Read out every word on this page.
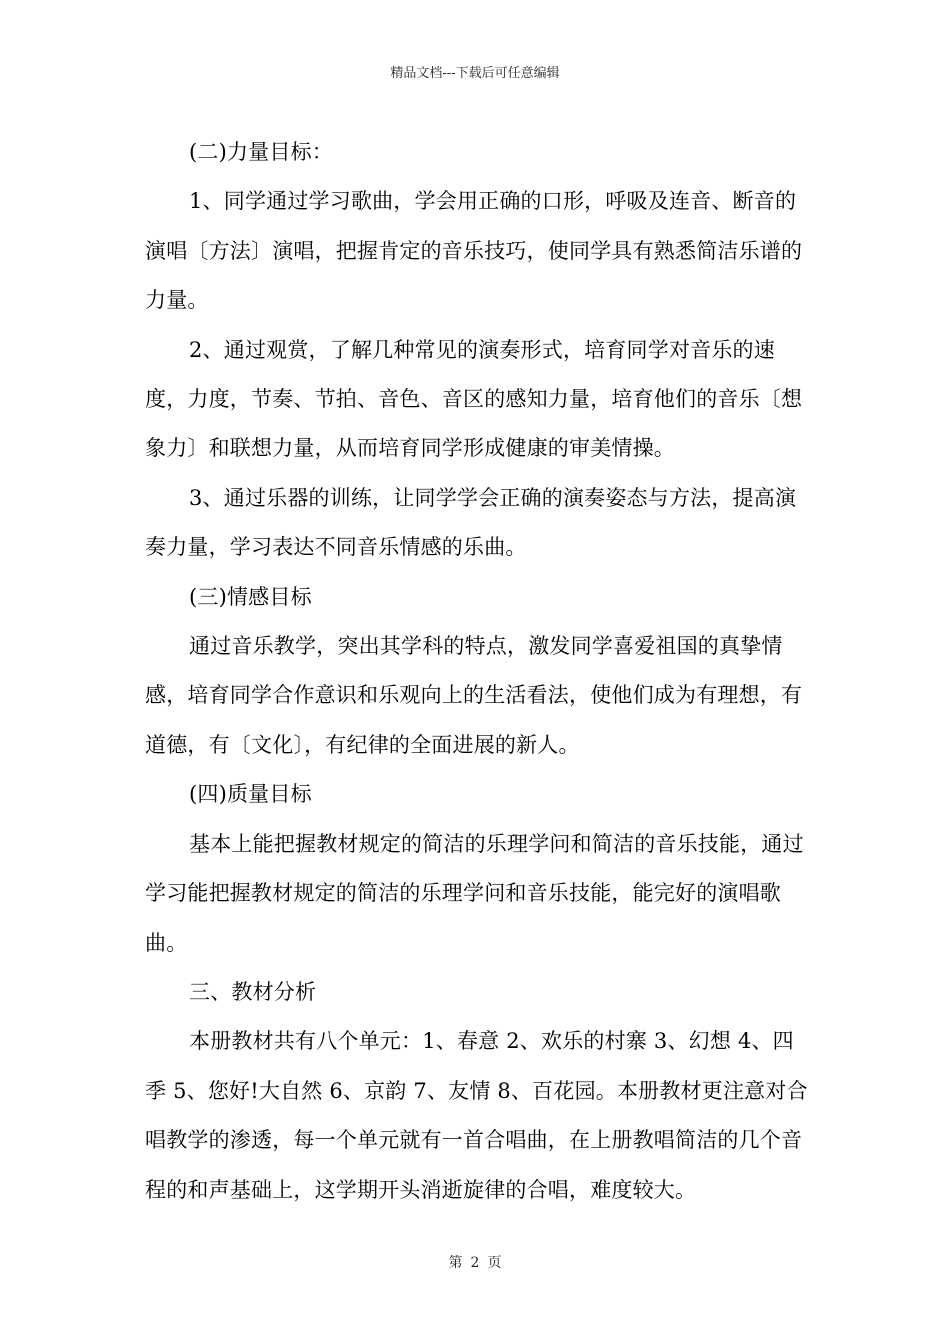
精品文档---下载后可任意编辑

(二)力量目标：

1、同学通过学习歌曲，学会用正确的口形，呼吸及连音、断音的演唱〔方法〕演唱，把握肯定的音乐技巧，使同学具有熟悉简洁乐谱的力量。

2、通过观赏，了解几种常见的演奏形式，培育同学对音乐的速度，力度，节奏、节拍、音色、音区的感知力量，培育他们的音乐〔想象力〕和联想力量，从而培育同学形成健康的审美情操。

3、通过乐器的训练，让同学学会正确的演奏姿态与方法，提高演奏力量，学习表达不同音乐情感的乐曲。

(三)情感目标

通过音乐教学，突出其学科的特点，激发同学喜爱祖国的真挚情感，培育同学合作意识和乐观向上的生活看法，使他们成为有理想，有道德，有〔文化〕，有纪律的全面进展的新人。

(四)质量目标

基本上能把握教材规定的简洁的乐理学问和简洁的音乐技能，通过学习能把握教材规定的简洁的乐理学问和音乐技能，能完好的演唱歌曲。

三、教材分析

本册教材共有八个单元：1、春意 2、欢乐的村寨 3、幻想 4、四季 5、您好!大自然 6、京韵 7、友情 8、百花园。本册教材更注意对合唱教学的渗透，每一个单元就有一首合唱曲，在上册教唱简洁的几个音程的和声基础上，这学期开头消逝旋律的合唱，难度较大。

第 2 页
